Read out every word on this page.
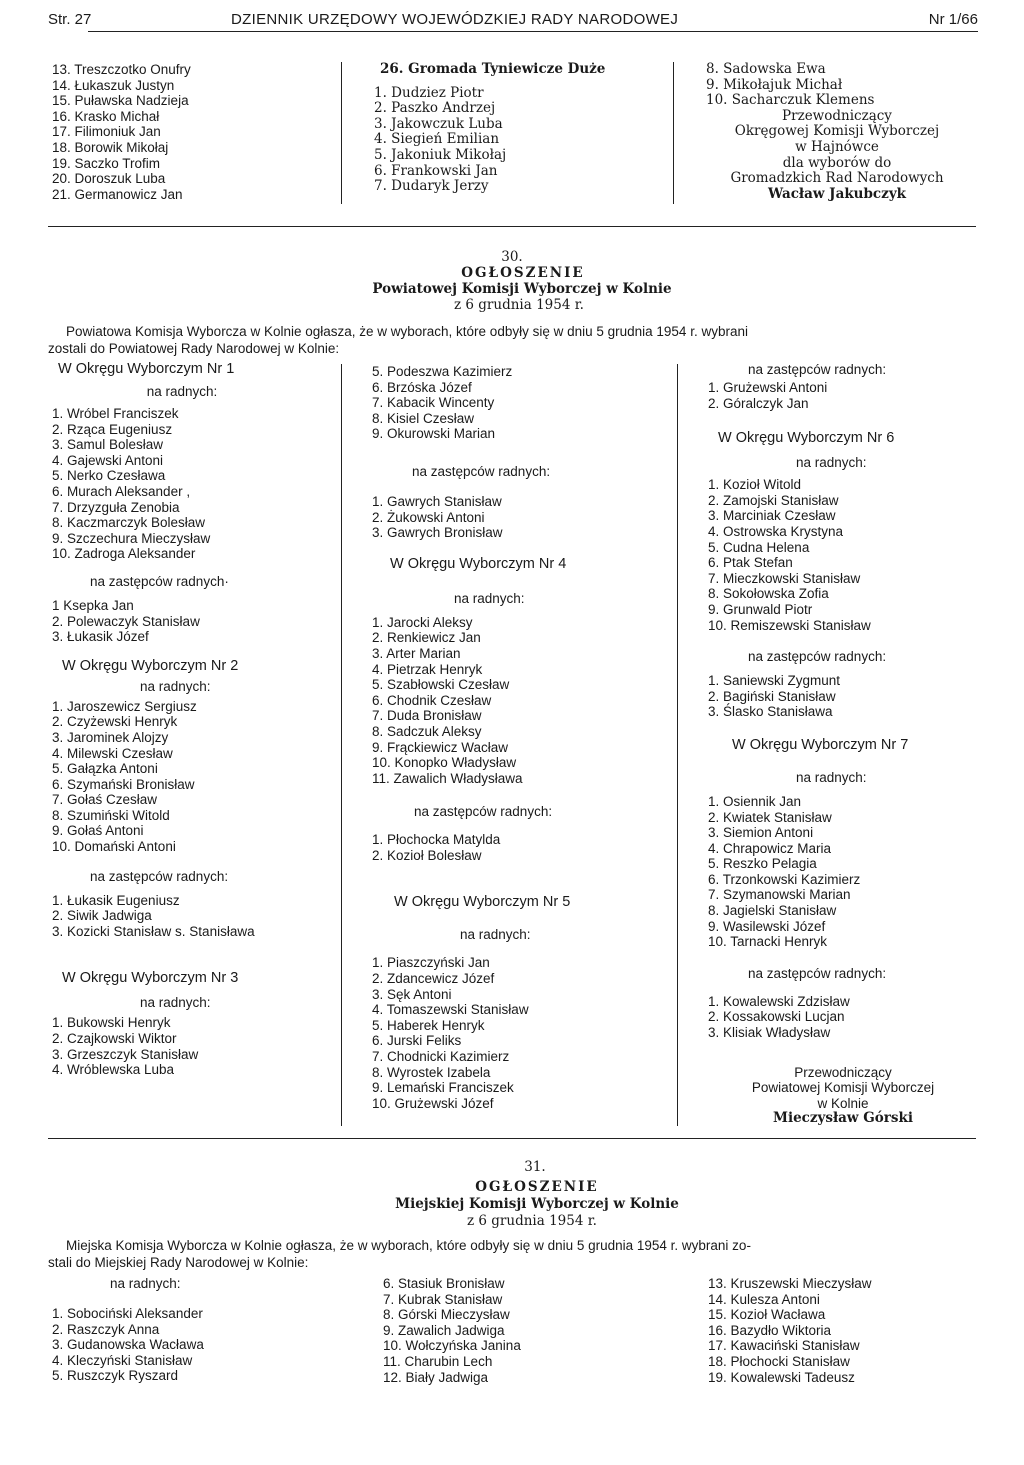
Str. 27	DZIENNIK URZĘDOWY WOJEWÓDZKIEJ RADY NARODOWEJ	Nr 1/66
13. Treszczotko Onufry
14. Łukaszuk Justyn
15. Puławska Nadzieja
16. Krasko Michał
17. Filimoniuk Jan
18. Borowik Mikołaj
19. Saczko Trofim
20. Doroszuk Luba
21. Germanowicz Jan
26. Gromada Tyniewicze Duże
1. Dudziez Piotr
2. Paszko Andrzej
3. Jakowczuk Luba
4. Siegień Emilian
5. Jakoniuk Mikołaj
6. Frankowski Jan
7. Dudaryk Jerzy
8. Sadowska Ewa
9. Mikołajuk Michał
10. Sacharczuk Klemens
Przewodniczący
Okręgowej Komisji Wyborczej
w Hajnówce
dla wyborów do
Gromadzkich Rad Narodowych
Wacław Jakubczyk
30.
OGŁOSZENIE
Powiatowej Komisji Wyborczej w Kolnie
z 6 grudnia 1954 r.
Powiatowa Komisja Wyborcza w Kolnie ogłasza, że w wyborach, które odbyły się w dniu 5 grudnia 1954 r. wybrani
zostali do Powiatowej Rady Narodowej w Kolnie:
W Okręgu Wyborczym Nr 1
na radnych:
1. Wróbel Franciszek
2. Rząca Eugeniusz
3. Samul Bolesław
4. Gajewski Antoni
5. Nerko Czesława
6. Murach Aleksander ,
7. Drzyzguła Zenobia
8. Kaczmarczyk Bolesław
9. Szczechura Mieczysław
10. Zadroga Aleksander
na zastępców radnych·
1 Ksepka Jan
2. Polewaczyk Stanisław
3. Łukasik Józef
W Okręgu Wyborczym Nr 2
na radnych:
1. Jaroszewicz Sergiusz
2. Czyżewski Henryk
3. Jarominek Alojzy
4. Milewski Czesław
5. Gałązka Antoni
6. Szymański Bronisław
7. Gołaś Czesław
8. Szumiński Witold
9. Gołaś Antoni
10. Domański Antoni
na zastępców radnych:
1. Łukasik Eugeniusz
2. Siwik Jadwiga
3. Kozicki Stanisław s. Stanisława
W Okręgu Wyborczym Nr 3
na radnych:
1. Bukowski Henryk
2. Czajkowski Wiktor
3. Grzeszczyk Stanisław
4. Wróblewska Luba
5. Podeszwa Kazimierz
6. Brzóska Józef
7. Kabacik Wincenty
8. Kisiel Czesław
9. Okurowski Marian
na zastępców radnych:
1. Gawrych Stanisław
2. Żukowski Antoni
3. Gawrych Bronisław
W Okręgu Wyborczym Nr 4
na radnych:
1. Jarocki Aleksy
2. Renkiewicz Jan
3. Arter Marian
4. Pietrzak Henryk
5. Szabłowski Czesław
6. Chodnik Czesław
7. Duda Bronisław
8. Sadczuk Aleksy
9. Frąckiewicz Wacław
10. Konopko Władysław
11. Zawalich Władysława
na zastępców radnych:
1. Płochocka Matylda
2. Kozioł Bolesław
W Okręgu Wyborczym Nr 5
na radnych:
1. Piaszczyński Jan
2. Zdancewicz Józef
3. Sęk Antoni
4. Tomaszewski Stanisław
5. Haberek Henryk
6. Jurski Feliks
7. Chodnicki Kazimierz
8. Wyrostek Izabela
9. Lemański Franciszek
10. Grużewski Józef
na zastępców radnych:
1. Grużewski Antoni
2. Góralczyk Jan
W Okręgu Wyborczym Nr 6
na radnych:
1. Kozioł Witold
2. Zamojski Stanisław
3. Marciniak Czesław
4. Ostrowska Krystyna
5. Cudna Helena
6. Ptak Stefan
7. Mieczkowski Stanisław
8. Sokołowska Zofia
9. Grunwald Piotr
10. Remiszewski Stanisław
na zastępców radnych:
1. Saniewski Zygmunt
2. Bagiński Stanisław
3. Ślasko Stanisława
W Okręgu Wyborczym Nr 7
na radnych:
1. Osiennik Jan
2. Kwiatek Stanisław
3. Siemion Antoni
4. Chrapowicz Maria
5. Reszko Pelagia
6. Trzonkowski Kazimierz
7. Szymanowski Marian
8. Jagielski Stanisław
9. Wasilewski Józef
10. Tarnacki Henryk
na zastępców radnych:
1. Kowalewski Zdzisław
2. Kossakowski Lucjan
3. Klisiak Władysław
Przewodniczący
Powiatowej Komisji Wyborczej
w Kolnie
Mieczysław Górski
31.
OGŁOSZENIE
Miejskiej Komisji Wyborczej w Kolnie
z 6 grudnia 1954 r.
Miejska Komisja Wyborcza w Kolnie ogłasza, że w wyborach, które odbyły się w dniu 5 grudnia 1954 r. wybrani zo-
stali do Miejskiej Rady Narodowej w Kolnie:
na radnych:
1. Sobociński Aleksander
2. Raszczyk Anna
3. Gudanowska Wacława
4. Kleczyński Stanisław
5. Ruszczyk Ryszard
6. Stasiuk Bronisław
7. Kubrak Stanisław
8. Górski Mieczysław
9. Zawalich Jadwiga
10. Wołczyńska Janina
11. Charubin Lech
12. Biały Jadwiga
13. Kruszewski Mieczysław
14. Kulesza Antoni
15. Kozioł Wacława
16. Bazydło Wiktoria
17. Kawaciński Stanisław
18. Płochocki Stanisław
19. Kowalewski Tadeusz
